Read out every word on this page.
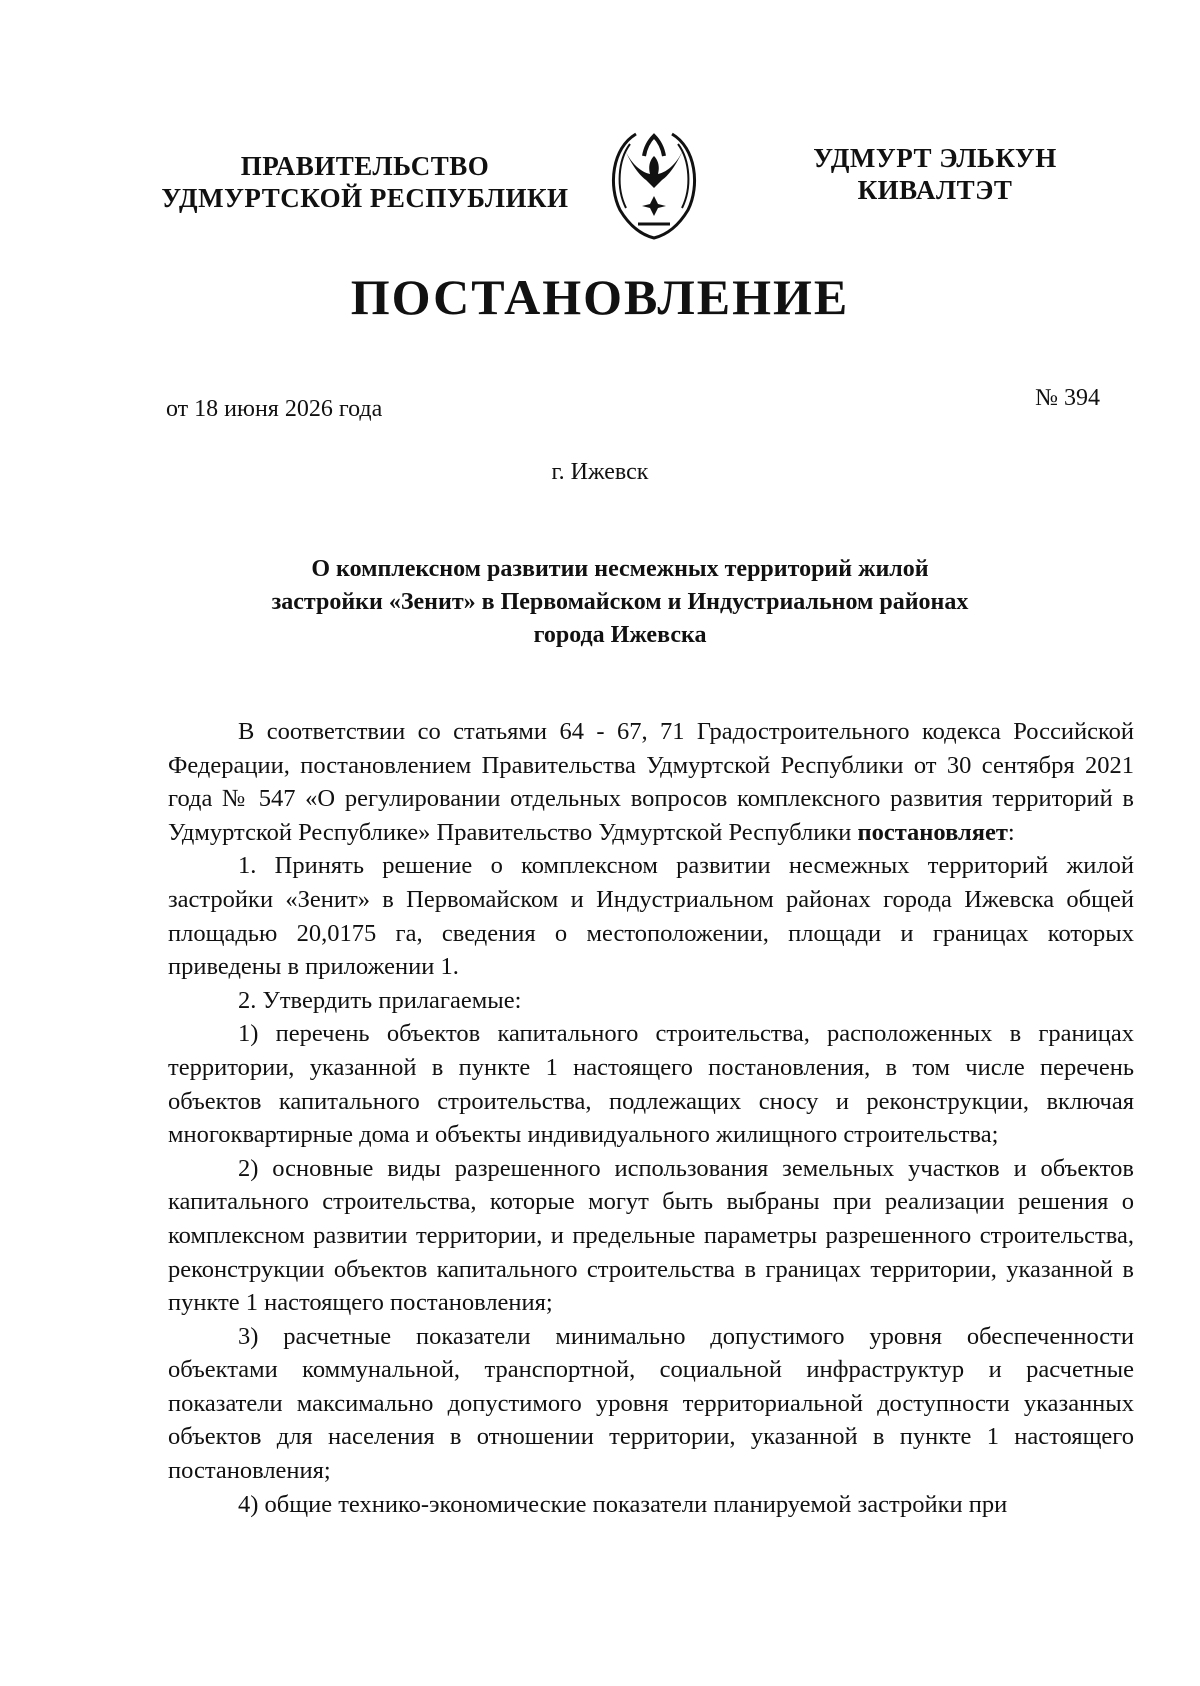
ПРАВИТЕЛЬСТВО
УДМУРТСКОЙ РЕСПУБЛИКИ
УДМУРТ ЭЛЬКУН
КИВАЛТЭТ
ПОСТАНОВЛЕНИЕ
от 18 июня 2026 года	№ 394
г. Ижевск
О комплексном развитии несмежных территорий жилой
застройки «Зенит» в Первомайском и Индустриальном районах
города Ижевска

В соответствии со статьями 64 - 67, 71 Градостроительного кодекса Российской Федерации, постановлением Правительства Удмуртской Республики от 30 сентября 2021 года № 547 «О регулировании отдельных вопросов комплексного развития территорий в Удмуртской Республике» Правительство Удмуртской Республики постановляет:

1. Принять решение о комплексном развитии несмежных территорий жилой застройки «Зенит» в Первомайском и Индустриальном районах города Ижевска общей площадью 20,0175 га, сведения о местоположении, площади и границах которых приведены в приложении 1.

2. Утвердить прилагаемые:

1) перечень объектов капитального строительства, расположенных в границах территории, указанной в пункте 1 настоящего постановления, в том числе перечень объектов капитального строительства, подлежащих сносу и реконструкции, включая многоквартирные дома и объекты индивидуального жилищного строительства;

2) основные виды разрешенного использования земельных участков и объектов капитального строительства, которые могут быть выбраны при реализации решения о комплексном развитии территории, и предельные параметры разрешенного строительства, реконструкции объектов капитального строительства в границах территории, указанной в пункте 1 настоящего постановления;

3) расчетные показатели минимально допустимого уровня обеспеченности объектами коммунальной, транспортной, социальной инфраструктур и расчетные показатели максимально допустимого уровня территориальной доступности указанных объектов для населения в отношении территории, указанной в пункте 1 настоящего постановления;

4) общие технико-экономические показатели планируемой застройки при
